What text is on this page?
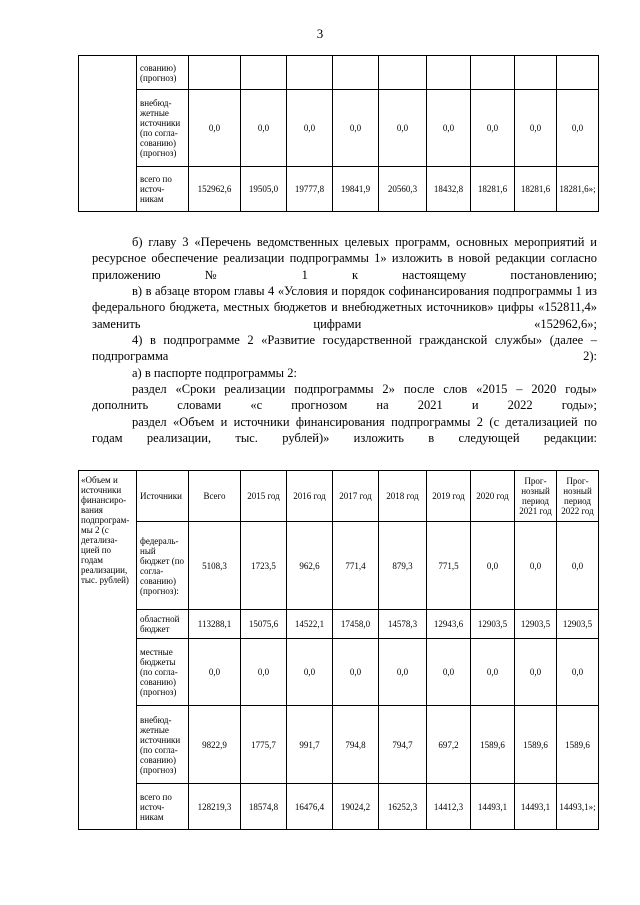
3
	сованию) (прогноз)									
	внебюд- жетные источники (по согла- сованию) (прогноз)	0,0	0,0	0,0	0,0	0,0	0,0	0,0	0,0	0,0
	всего по источ- никам	152962,6	19505,0	19777,8	19841,9	20560,3	18432,8	18281,6	18281,6	18281,6»;

б) главу 3 «Перечень ведомственных целевых программ, основных мероприятий и ресурсное обеспечение реализации подпрограммы 1» изложить в новой редакции согласно приложению № 1 к настоящему постановлению;

в) в абзаце втором главы 4 «Условия и порядок софинансирования подпрограммы 1 из федерального бюджета, местных бюджетов и внебюджетных источников» цифры «152811,4» заменить цифрами «152962,6»;

4) в подпрограмме 2 «Развитие государственной гражданской службы» (далее – подпрограмма 2):

а) в паспорте подпрограммы 2:

раздел «Сроки реализации подпрограммы 2» после слов «2015 – 2020 годы» дополнить словами «с прогнозом на 2021 и 2022 годы»;

раздел «Объем и источники финансирования подпрограммы 2 (с детализацией по годам реализации, тыс. рублей)» изложить в следующей редакции:

«Объем и источники финансиро- вания подпрограм- мы 2 (с детализа- цией по годам реализации, тыс. рублей)	Источники	Всего	2015 год	2016 год	2017 год	2018 год	2019 год	2020 год	Прог- нозный период 2021 год	Прог- нозный период 2022 год
	федераль- ный бюджет (по согла- сованию) (прогноз):	5108,3	1723,5	962,6	771,4	879,3	771,5	0,0	0,0	0,0
	областной бюджет	113288,1	15075,6	14522,1	17458,0	14578,3	12943,6	12903,5	12903,5	12903,5
	местные бюджеты (по согла- сованию) (прогноз)	0,0	0,0	0,0	0,0	0,0	0,0	0,0	0,0	0,0
	внебюд- жетные источники (по согла- сованию) (прогноз)	9822,9	1775,7	991,7	794,8	794,7	697,2	1589,6	1589,6	1589,6
	всего по источ- никам	128219,3	18574,8	16476,4	19024,2	16252,3	14412,3	14493,1	14493,1	14493,1»;
